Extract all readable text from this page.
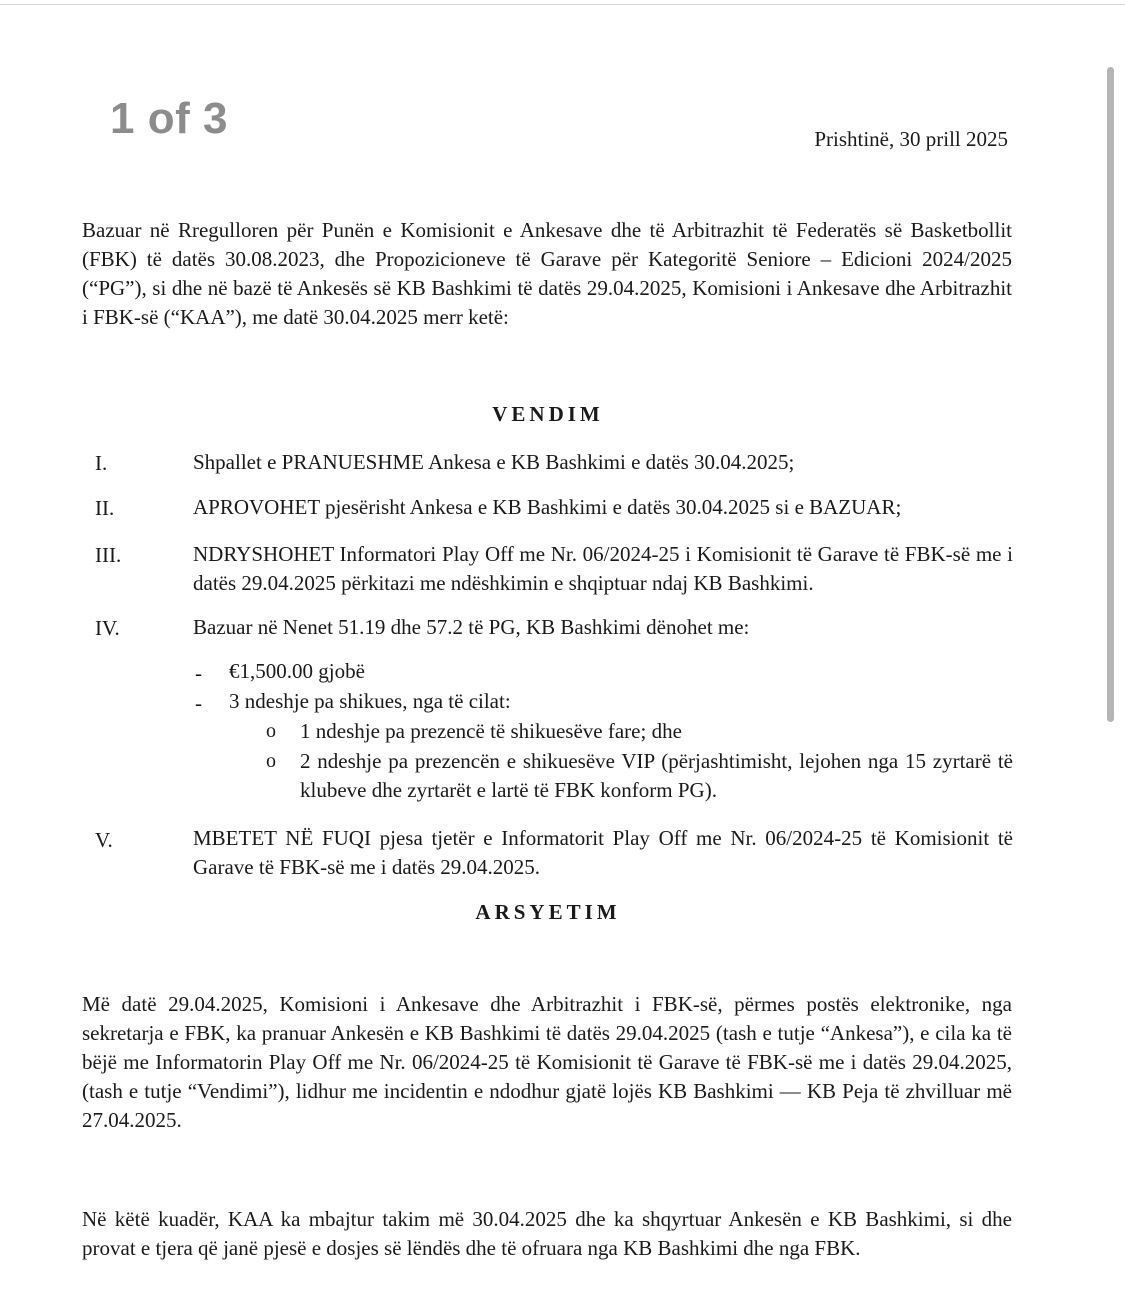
1 of 3	Prishtinë, 30 prill 2025

Bazuar në Rregulloren për Punën e Komisionit e Ankesave dhe të Arbitrazhit të Federatës së Basketbollit (FBK) të datës 30.08.2023, dhe Propozicioneve të Garave për Kategoritë Seniore – Edicioni 2024/2025 (“PG”), si dhe në bazë të Ankesës së KB Bashkimi të datës 29.04.2025, Komisioni i Ankesave dhe Arbitrazhit i FBK-së (“KAA”), me datë 30.04.2025 merr ketë:

VENDIM
I.	Shpallet e PRANUESHME Ankesa e KB Bashkimi e datës 30.04.2025;
II.	APROVOHET pjesërisht Ankesa e KB Bashkimi e datës 30.04.2025 si e BAZUAR;
III.	NDRYSHOHET Informatori Play Off me Nr. 06/2024-25 i Komisionit të Garave të FBK-së me i datës 29.04.2025 përkitazi me ndëshkimin e shqiptuar ndaj KB Bashkimi.
IV.	Bazuar në Nenet 51.19 dhe 57.2 të PG, KB Bashkimi dënohet me:
- €1,500.00 gjobë
- 3 ndeshje pa shikues, nga të cilat:
o 1 ndeshje pa prezencë të shikuesëve fare; dhe
o 2 ndeshje pa prezencën e shikuesëve VIP (përjashtimisht, lejohen nga 15 zyrtarë të klubeve dhe zyrtarët e lartë të FBK konform PG).
V.	MBETET NË FUQI pjesa tjetër e Informatorit Play Off me Nr. 06/2024-25 të Komisionit të Garave të FBK-së me i datës 29.04.2025.
ARSYETIM

Më datë 29.04.2025, Komisioni i Ankesave dhe Arbitrazhit i FBK-së, përmes postës elektronike, nga sekretarja e FBK, ka pranuar Ankesën e KB Bashkimi të datës 29.04.2025 (tash e tutje “Ankesa”), e cila ka të bëjë me Informatorin Play Off me Nr. 06/2024-25 të Komisionit të Garave të FBK-së me i datës 29.04.2025, (tash e tutje “Vendimi”), lidhur me incidentin e ndodhur gjatë lojës KB Bashkimi — KB Peja të zhvilluar më 27.04.2025.

Në këtë kuadër, KAA ka mbajtur takim më 30.04.2025 dhe ka shqyrtuar Ankesën e KB Bashkimi, si dhe provat e tjera që janë pjesë e dosjes së lëndës dhe të ofruara nga KB Bashkimi dhe nga FBK.
